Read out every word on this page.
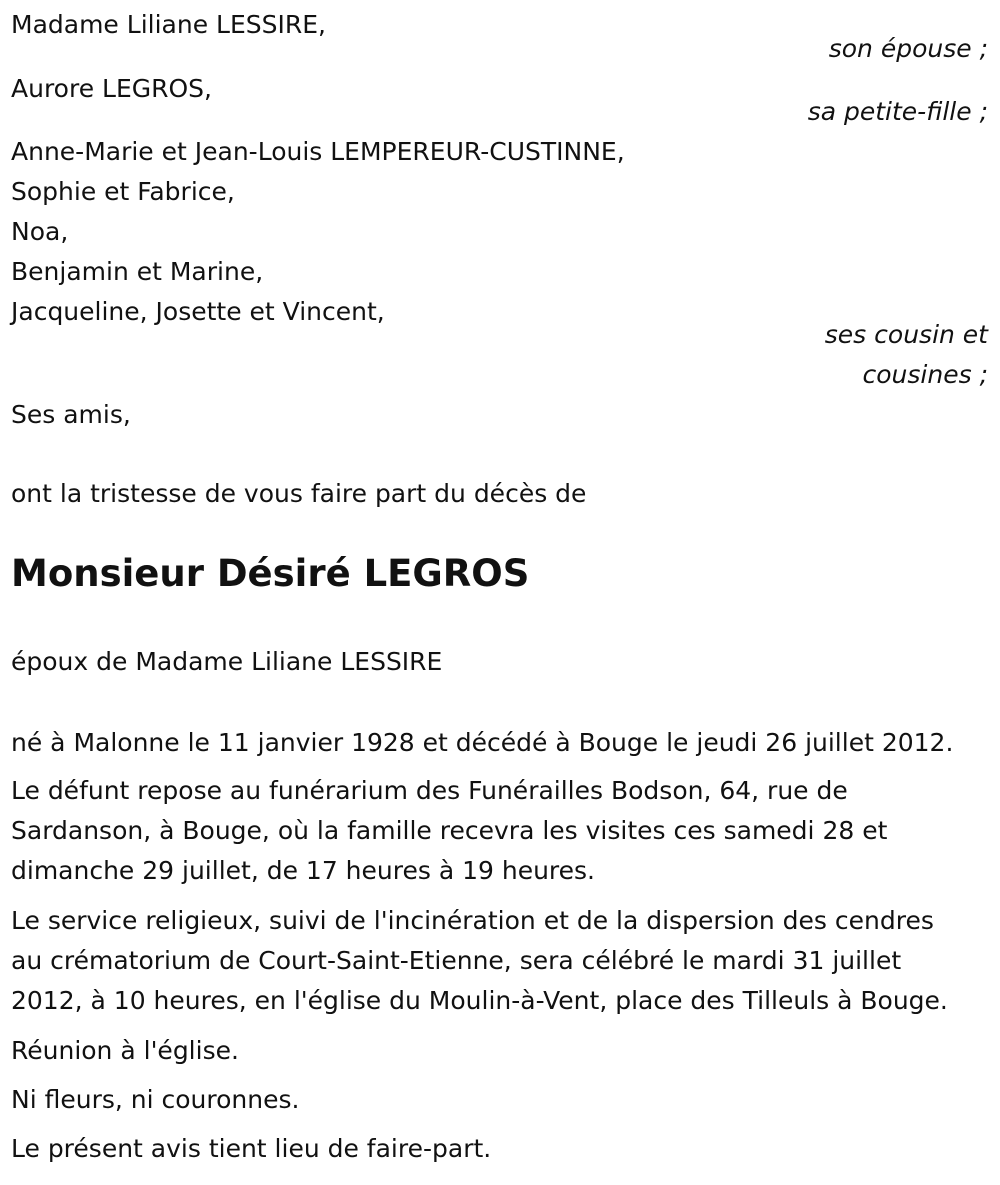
Madame Liliane LESSIRE,
son épouse ;
Aurore LEGROS,
sa petite-fille ;
Anne-Marie et Jean-Louis LEMPEREUR-CUSTINNE,
Sophie et Fabrice,
Noa,
Benjamin et Marine,
Jacqueline, Josette et Vincent,
ses cousin et
cousines ;
Ses amis,
ont la tristesse de vous faire part du décès de
Monsieur Désiré LEGROS
époux de Madame Liliane LESSIRE
né à Malonne le 11 janvier 1928 et décédé à Bouge le jeudi 26 juillet 2012.
Le défunt repose au funérarium des Funérailles Bodson, 64, rue de
Sardanson, à Bouge, où la famille recevra les visites ces samedi 28 et
dimanche 29 juillet, de 17 heures à 19 heures.
Le service religieux, suivi de l'incinération et de la dispersion des cendres
au crématorium de Court-Saint-Etienne, sera célébré le mardi 31 juillet
2012, à 10 heures, en l'église du Moulin-à-Vent, place des Tilleuls à Bouge.
Réunion à l'église.
Ni fleurs, ni couronnes.
Le présent avis tient lieu de faire-part.
